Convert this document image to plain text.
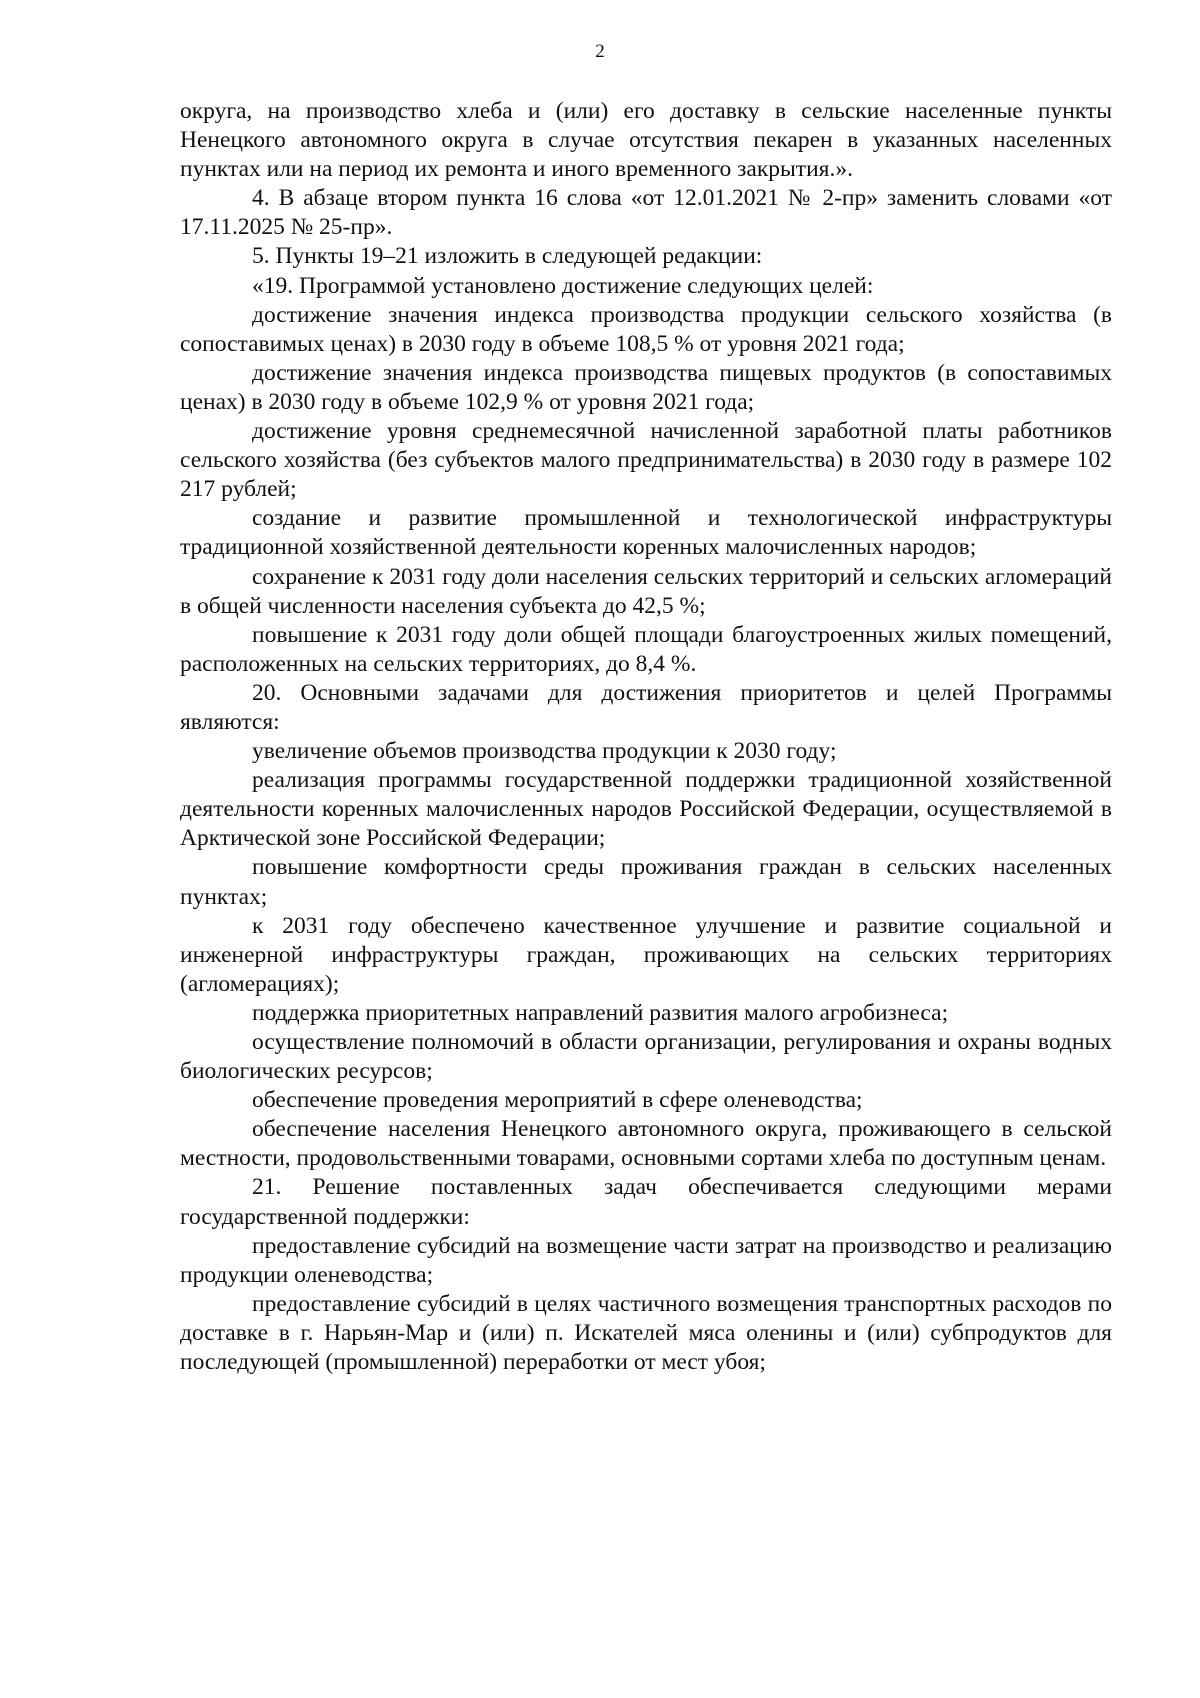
2

округа, на производство хлеба и (или) его доставку в сельские населенные пункты Ненецкого автономного округа в случае отсутствия пекарен в указанных населенных пунктах или на период их ремонта и иного временного закрытия.».

4. В абзаце втором пункта 16 слова «от 12.01.2021 № 2-пр» заменить словами «от 17.11.2025 № 25-пр».

5. Пункты 19–21 изложить в следующей редакции:

«19. Программой установлено достижение следующих целей:

достижение значения индекса производства продукции сельского хозяйства (в сопоставимых ценах) в 2030 году в объеме 108,5 % от уровня 2021 года;

достижение значения индекса производства пищевых продуктов (в сопоставимых ценах) в 2030 году в объеме 102,9 % от уровня 2021 года;

достижение уровня среднемесячной начисленной заработной платы работников сельского хозяйства (без субъектов малого предпринимательства) в 2030 году в размере 102 217 рублей;

создание и развитие промышленной и технологической инфраструктуры традиционной хозяйственной деятельности коренных малочисленных народов;

сохранение к 2031 году доли населения сельских территорий и сельских агломераций в общей численности населения субъекта до 42,5 %;

повышение к 2031 году доли общей площади благоустроенных жилых помещений, расположенных на сельских территориях, до 8,4 %.

20. Основными задачами для достижения приоритетов и целей Программы являются:

увеличение объемов производства продукции к 2030 году;

реализация программы государственной поддержки традиционной хозяйственной деятельности коренных малочисленных народов Российской Федерации, осуществляемой в Арктической зоне Российской Федерации;

повышение комфортности среды проживания граждан в сельских населенных пунктах;

к 2031 году обеспечено качественное улучшение и развитие социальной и инженерной инфраструктуры граждан, проживающих на сельских территориях (агломерациях);

поддержка приоритетных направлений развития малого агробизнеса;

осуществление полномочий в области организации, регулирования и охраны водных биологических ресурсов;

обеспечение проведения мероприятий в сфере оленеводства;

обеспечение населения Ненецкого автономного округа, проживающего в сельской местности, продовольственными товарами, основными сортами хлеба по доступным ценам.

21. Решение поставленных задач обеспечивается следующими мерами государственной поддержки:

предоставление субсидий на возмещение части затрат на производство и реализацию продукции оленеводства;

предоставление субсидий в целях частичного возмещения транспортных расходов по доставке в г. Нарьян-Мар и (или) п. Искателей мяса оленины и (или) субпродуктов для последующей (промышленной) переработки от мест убоя;
